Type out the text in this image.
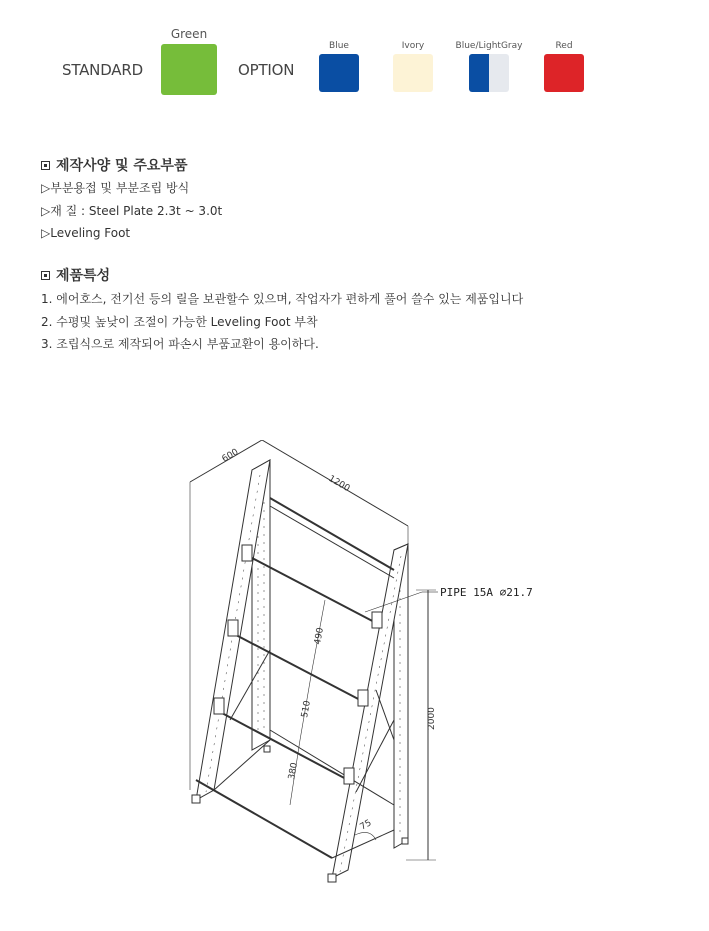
STANDARD
Green
OPTION
Blue	Ivory	Blue/LightGray	Red
제작사양 및 주요부품
▷부분용접 및 부분조립 방식
▷재 질 : Steel Plate 2.3t ~ 3.0t
▷Leveling Foot
제품특성
1. 에어호스, 전기선 등의 릴을 보관할수 있으며, 작업자가 편하게 풀어 쓸수 있는 제품입니다
2. 수평및 높낮이 조절이 가능한 Leveling Foot 부착
3. 조립식으로 제작되어 파손시 부품교환이 용이하다.
600
1200
2000
490
510
380
75
PIPE 15A ∅21.7
